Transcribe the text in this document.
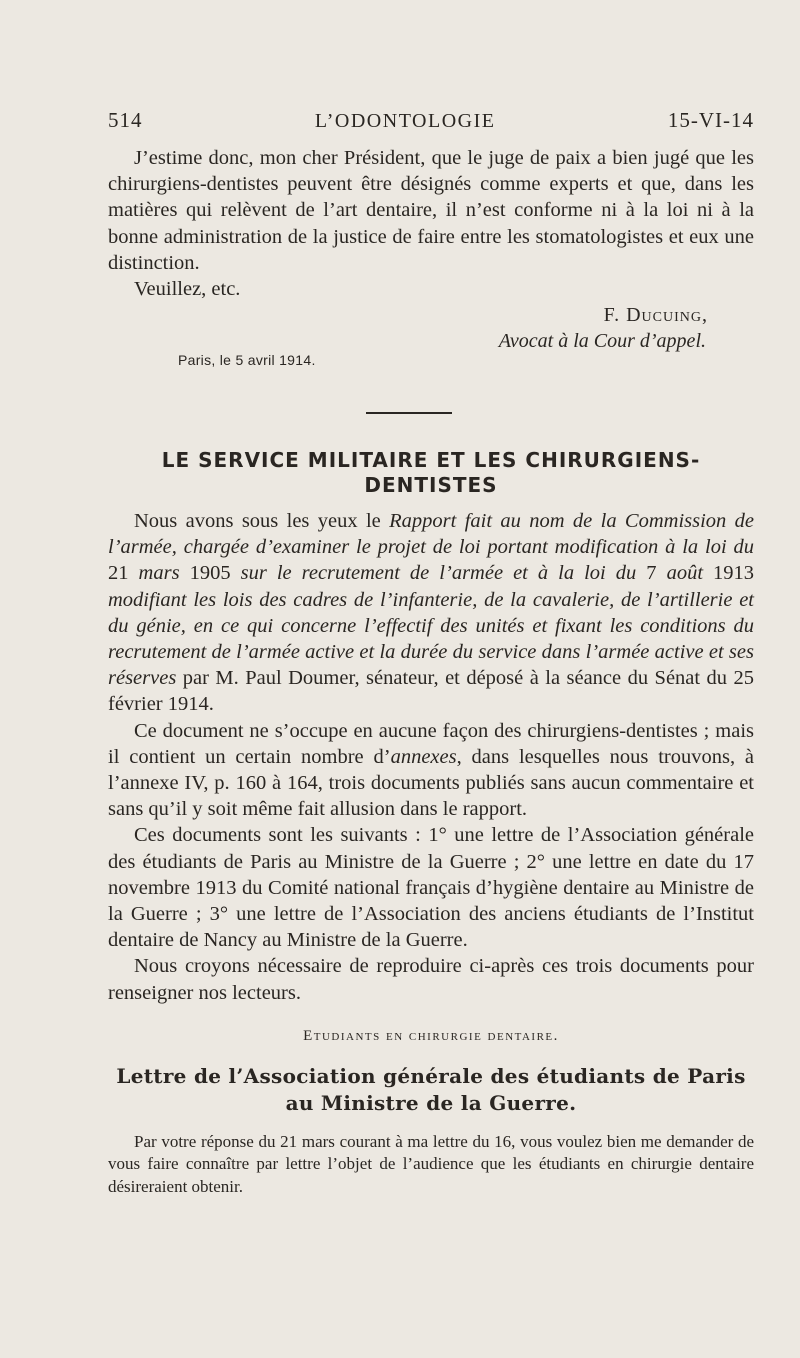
514	L’ODONTOLOGIE	15-VI-14

J’estime donc, mon cher Président, que le juge de paix a bien jugé que les chirurgiens-dentistes peuvent être désignés comme experts et que, dans les matières qui relèvent de l’art dentaire, il n’est conforme ni à la loi ni à la bonne administration de la justice de faire entre les stomatologistes et eux une distinction.

Veuillez, etc.
F. Ducuing,
Avocat à la Cour d’appel.
Paris, le 5 avril 1914.
LE SERVICE MILITAIRE ET LES CHIRURGIENS-DENTISTES

Nous avons sous les yeux le Rapport fait au nom de la Commission de l’armée, chargée d’examiner le projet de loi portant modification à la loi du 21 mars 1905 sur le recrutement de l’armée et à la loi du 7 août 1913 modifiant les lois des cadres de l’infanterie, de la cavalerie, de l’artillerie et du génie, en ce qui concerne l’effectif des unités et fixant les conditions du recrutement de l’armée active et la durée du service dans l’armée active et ses réserves par M. Paul Doumer, sénateur, et déposé à la séance du Sénat du 25 février 1914.

Ce document ne s’occupe en aucune façon des chirurgiens-dentistes ; mais il contient un certain nombre d’annexes, dans lesquelles nous trouvons, à l’annexe IV, p. 160 à 164, trois documents publiés sans aucun commentaire et sans qu’il y soit même fait allusion dans le rapport.

Ces documents sont les suivants : 1° une lettre de l’Association générale des étudiants de Paris au Ministre de la Guerre ; 2° une lettre en date du 17 novembre 1913 du Comité national français d’hygiène dentaire au Ministre de la Guerre ; 3° une lettre de l’Association des anciens étudiants de l’Institut dentaire de Nancy au Ministre de la Guerre.

Nous croyons nécessaire de reproduire ci-après ces trois documents pour renseigner nos lecteurs.

Etudiants en chirurgie dentaire.
Lettre de l’Association générale des étudiants de Paris
au Ministre de la Guerre.

Par votre réponse du 21 mars courant à ma lettre du 16, vous voulez bien me demander de vous faire connaître par lettre l’objet de l’audience que les étudiants en chirurgie dentaire désireraient obtenir.
